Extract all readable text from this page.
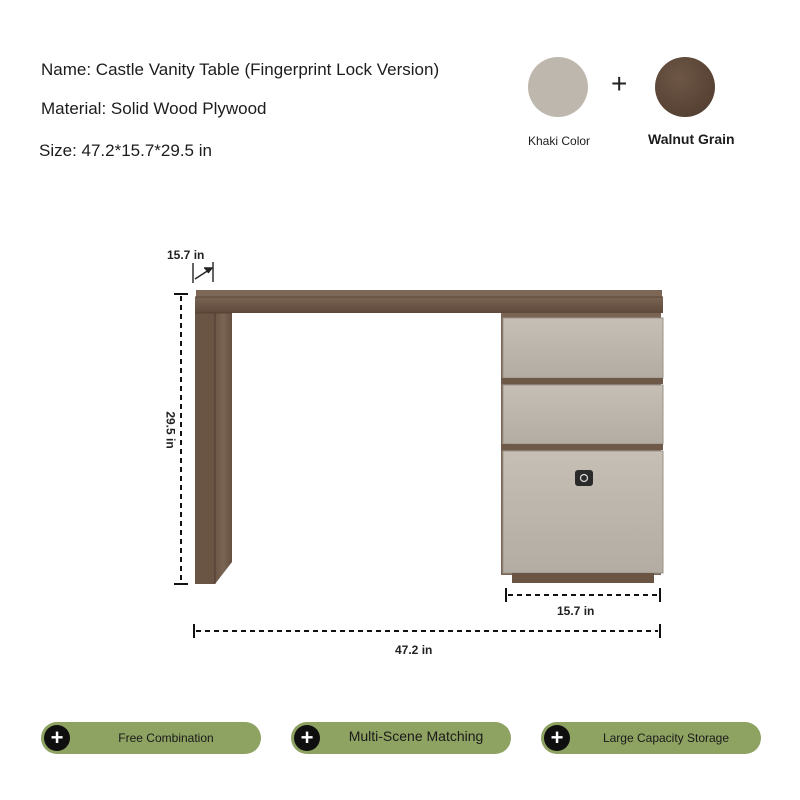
Name: Castle Vanity Table (Fingerprint Lock Version)
Material: Solid Wood Plywood
Size: 47.2*15.7*29.5 in
+
Khaki Color	Walnut Grain
15.7 in
29.5 in
15.7 in
47.2 in
+	Free Combination	+	Multi-Scene Matching	+	Large Capacity Storage
